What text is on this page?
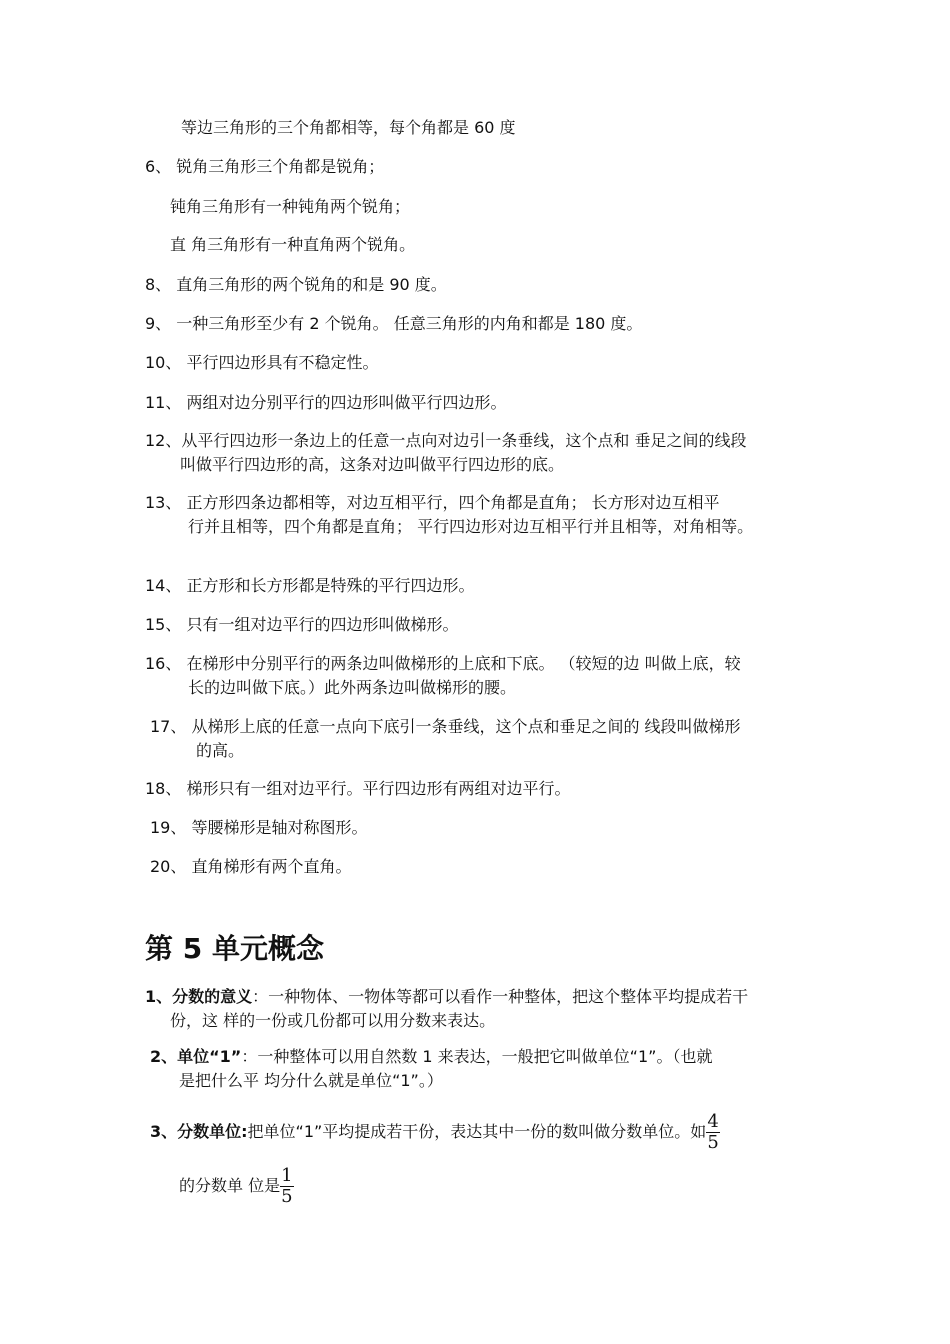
等边三角形的三个角都相等，每个角都是 60 度
6、 锐角三角形三个角都是锐角；
钝角三角形有一种钝角两个锐角；
直 角三角形有一种直角两个锐角。
8、 直角三角形的两个锐角的和是 90 度。
9、 一种三角形至少有 2 个锐角。 任意三角形的内角和都是 180 度。
10、 平行四边形具有不稳定性。
11、 两组对边分别平行的四边形叫做平行四边形。
12、从平行四边形一条边上的任意一点向对边引一条垂线，这个点和 垂足之间的线段
叫做平行四边形的高，这条对边叫做平行四边形的底。
13、 正方形四条边都相等，对边互相平行，四个角都是直角； 长方形对边互相平
行并且相等，四个角都是直角； 平行四边形对边互相平行并且相等，对角相等。
14、 正方形和长方形都是特殊的平行四边形。
15、 只有一组对边平行的四边形叫做梯形。
16、 在梯形中分别平行的两条边叫做梯形的上底和下底。 （较短的边 叫做上底，较
长的边叫做下底。）此外两条边叫做梯形的腰。
17、 从梯形上底的任意一点向下底引一条垂线，这个点和垂足之间的 线段叫做梯形
的高。
18、 梯形只有一组对边平行。平行四边形有两组对边平行。
19、 等腰梯形是轴对称图形。
20、 直角梯形有两个直角。
第 5 单元概念
1、分数的意义：一种物体、一物体等都可以看作一种整体，把这个整体平均提成若干
份，这 样的一份或几份都可以用分数来表达。
2、单位“1”：一种整体可以用自然数 1 来表达，一般把它叫做单位“1”。（也就
是把什么平 均分什么就是单位“1”。）
3、分数单位:把单位“1”平均提成若干份，表达其中一份的数叫做分数单位。如 $\frac{4}{5}$
的分数单 位是 $\frac{1}{5}$
